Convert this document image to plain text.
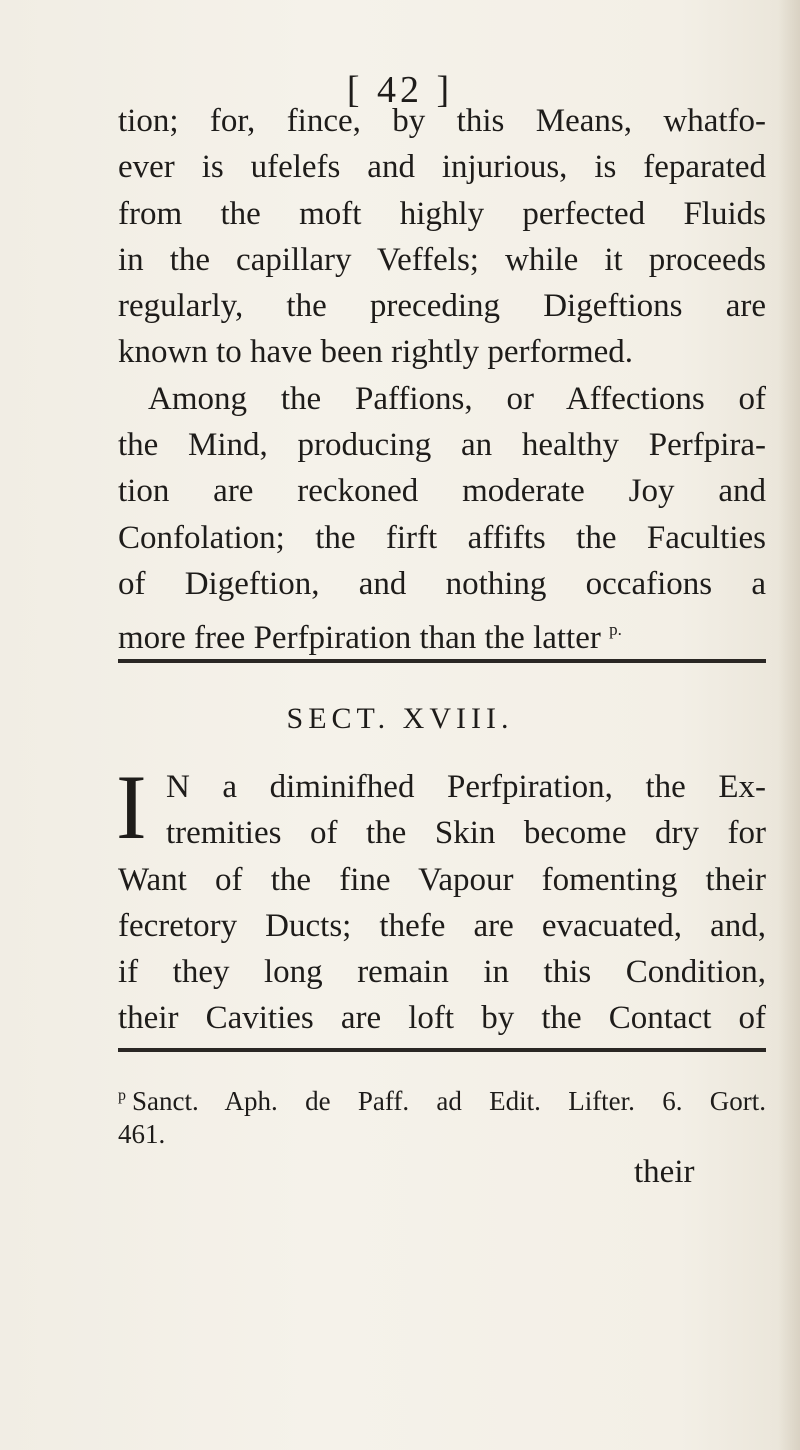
[ 42 ]
tion; for, fince, by this Means, whatfo-
ever is ufelefs and injurious, is feparated
from the moft highly perfected Fluids
in the capillary Veffels; while it proceeds
regularly, the preceding Digeftions are
known to have been rightly performed.
Among the Paffions, or Affections of
the Mind, producing an healthy Perfpira-
tion are reckoned moderate Joy and
Confolation; the firft affifts the Faculties
of Digeftion, and nothing occafions a
more free Perfpiration than the latter $^{p.}$
SECT. XVIII.
I N a diminifhed Perfpiration, the Ex-
tremities of the Skin become dry for
Want of the fine Vapour fomenting their
fecretory Ducts; thefe are evacuated, and,
if they long remain in this Condition,
their Cavities are loft by the Contact of
$^p$ Sanct. Aph. de Paff. ad Edit. Lifter. 6. Gort.
461.
their
